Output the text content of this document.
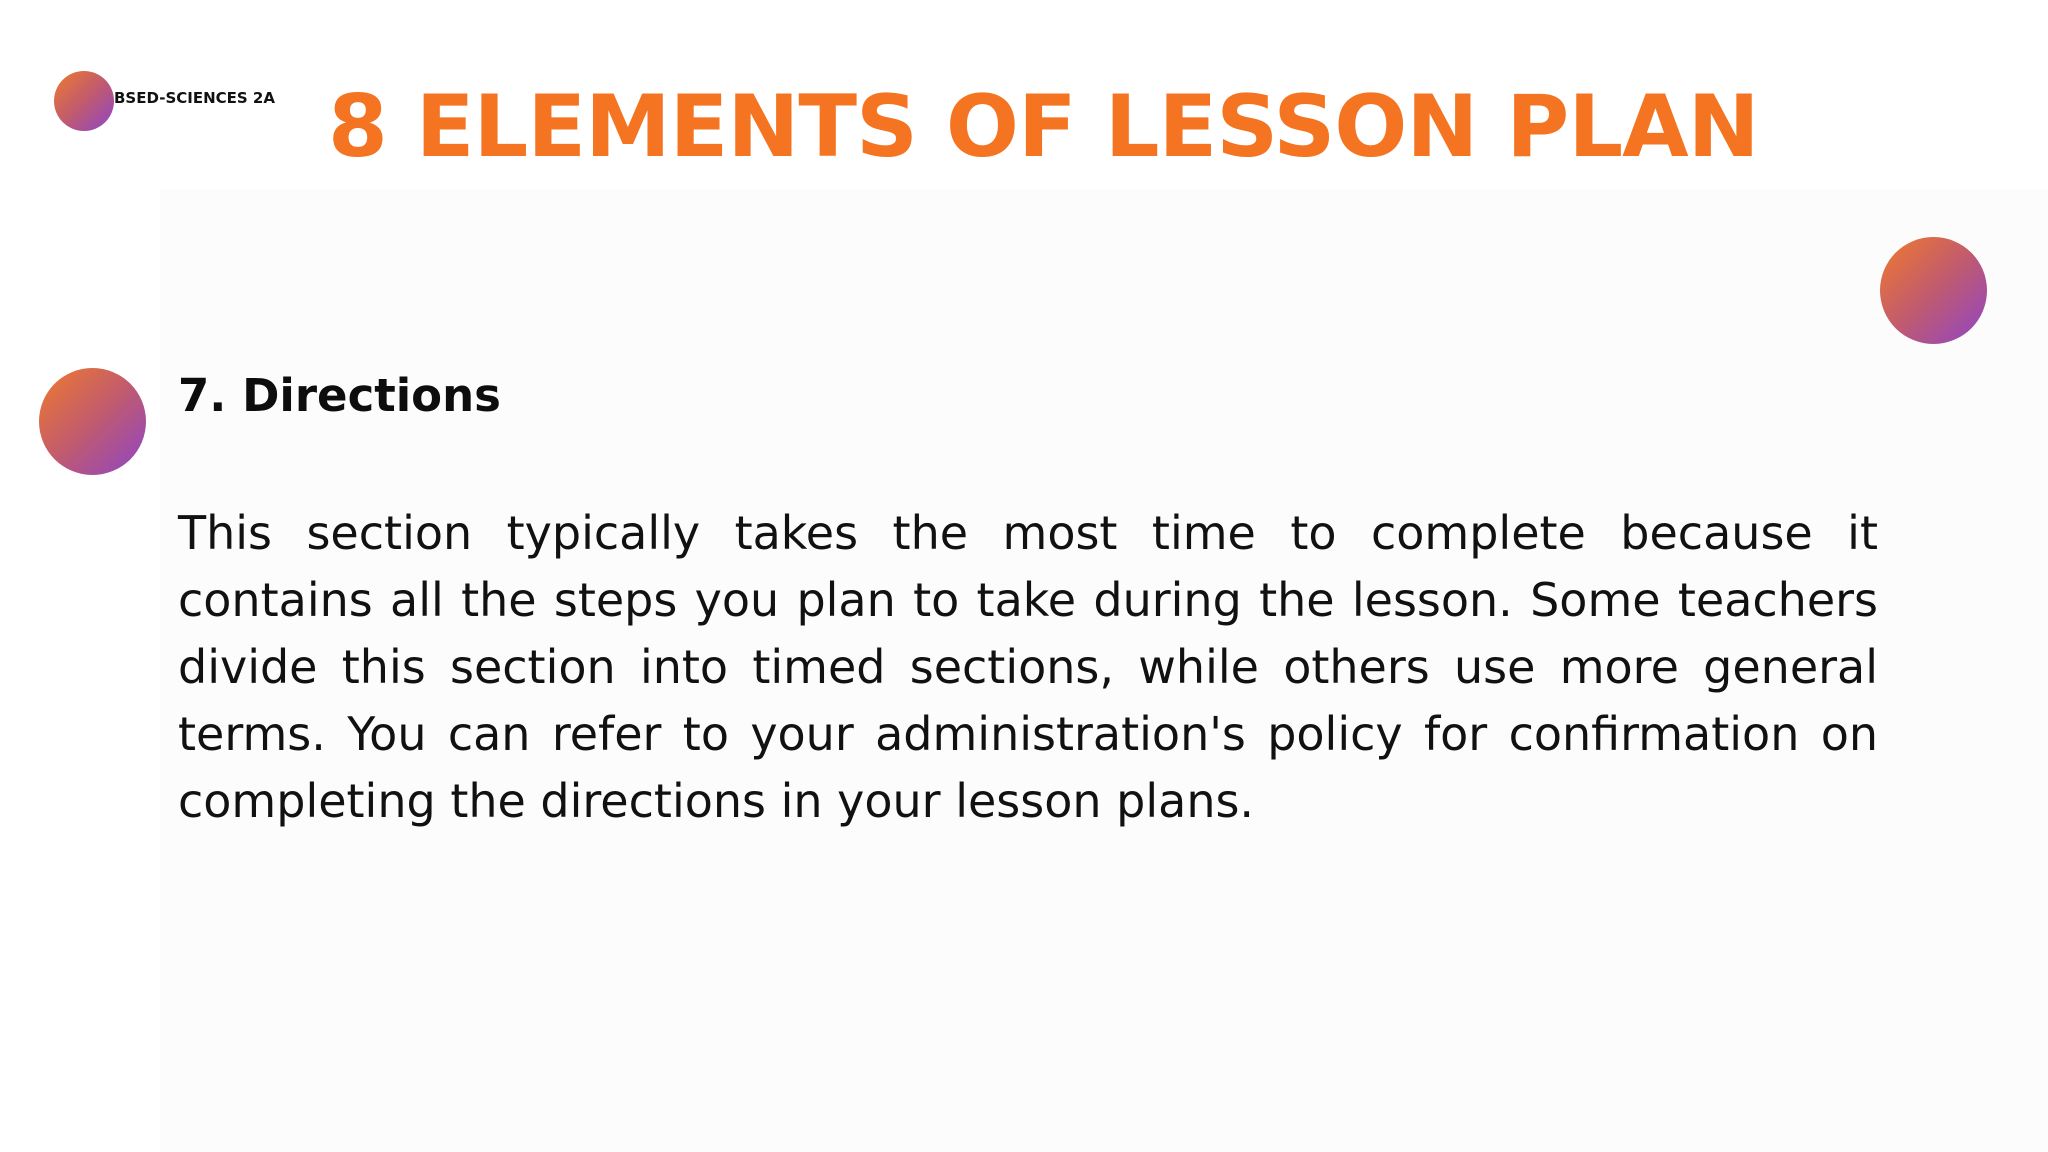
BSED-SCIENCES 2A 8 ELEMENTS OF LESSON PLAN
7. Directions

This section typically takes the most time to complete because it contains all the steps you plan to take during the lesson. Some teachers divide this section into timed sections, while others use more general terms. You can refer to your administration's policy for confirmation on completing the directions in your lesson plans.
